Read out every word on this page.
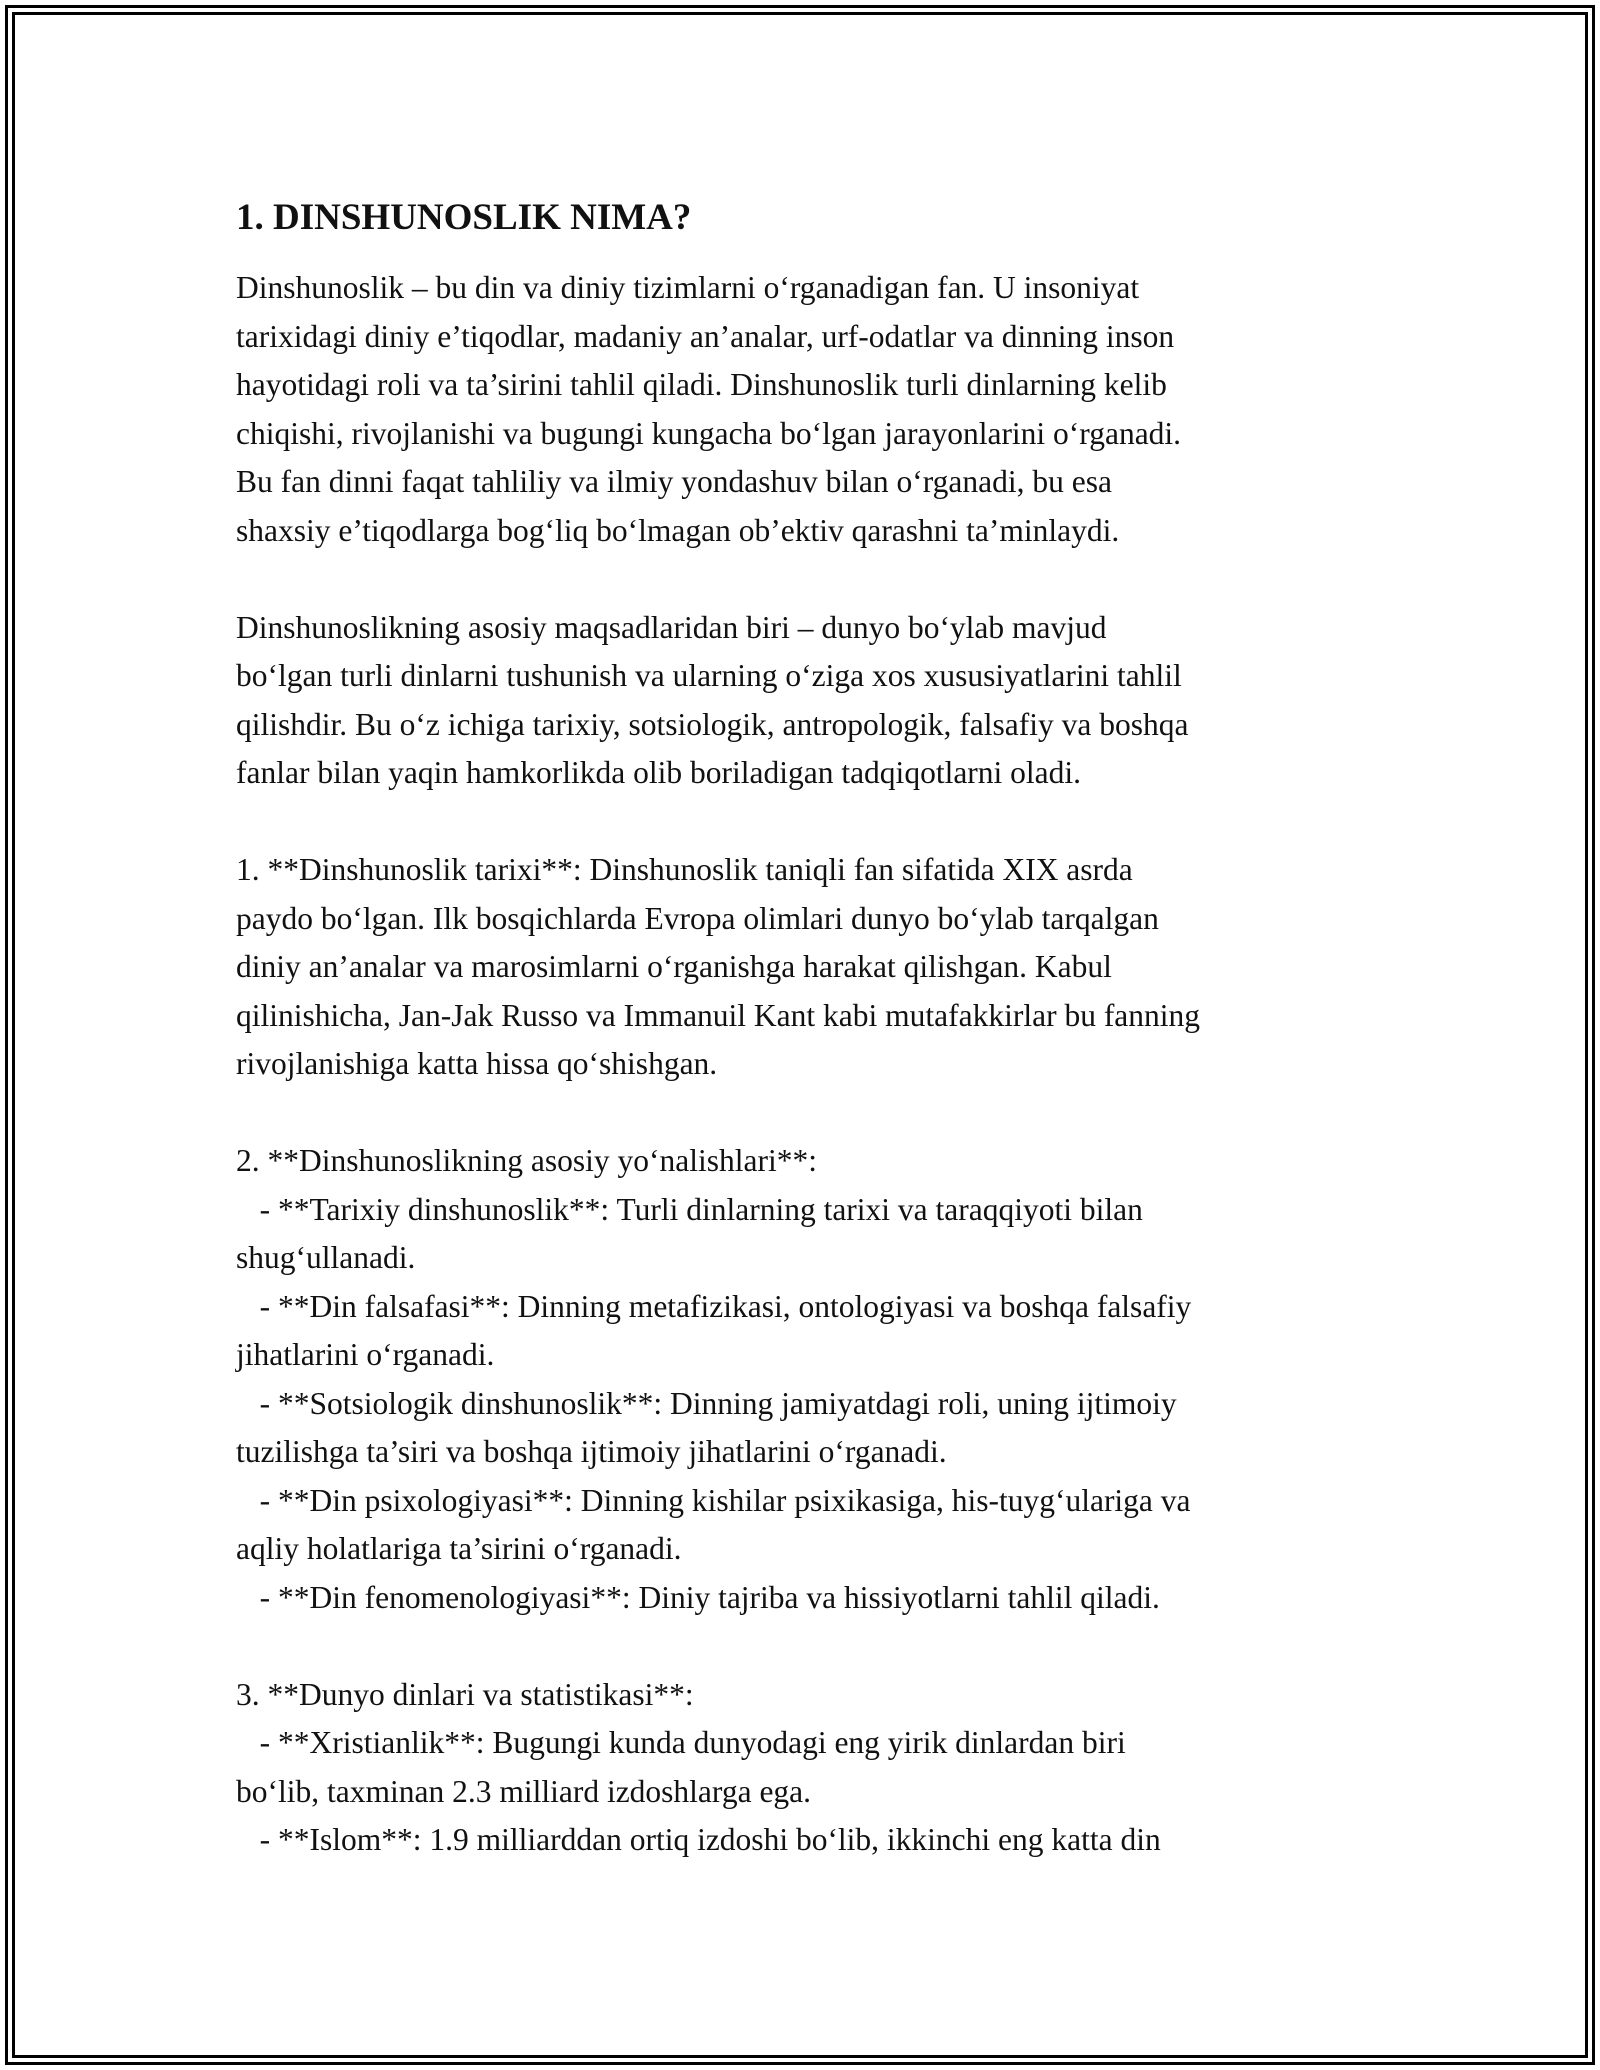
1. DINSHUNOSLIK NIMA?
Dinshunoslik – bu din va diniy tizimlarni o‘rganadigan fan. U insoniyat
tarixidagi diniy e’tiqodlar, madaniy an’analar, urf-odatlar va dinning inson
hayotidagi roli va ta’sirini tahlil qiladi. Dinshunoslik turli dinlarning kelib
chiqishi, rivojlanishi va bugungi kungacha bo‘lgan jarayonlarini o‘rganadi.
Bu fan dinni faqat tahliliy va ilmiy yondashuv bilan o‘rganadi, bu esa
shaxsiy e’tiqodlarga bog‘liq bo‘lmagan ob’ektiv qarashni ta’minlaydi.
Dinshunoslikning asosiy maqsadlaridan biri – dunyo bo‘ylab mavjud
bo‘lgan turli dinlarni tushunish va ularning o‘ziga xos xususiyatlarini tahlil
qilishdir. Bu o‘z ichiga tarixiy, sotsiologik, antropologik, falsafiy va boshqa
fanlar bilan yaqin hamkorlikda olib boriladigan tadqiqotlarni oladi.
1. **Dinshunoslik tarixi**: Dinshunoslik taniqli fan sifatida XIX asrda
paydo bo‘lgan. Ilk bosqichlarda Evropa olimlari dunyo bo‘ylab tarqalgan
diniy an’analar va marosimlarni o‘rganishga harakat qilishgan. Kabul
qilinishicha, Jan-Jak Russo va Immanuil Kant kabi mutafakkirlar bu fanning
rivojlanishiga katta hissa qo‘shishgan.
2. **Dinshunoslikning asosiy yo‘nalishlari**:
- **Tarixiy dinshunoslik**: Turli dinlarning tarixi va taraqqiyoti bilan
shug‘ullanadi.
- **Din falsafasi**: Dinning metafizikasi, ontologiyasi va boshqa falsafiy
jihatlarini o‘rganadi.
- **Sotsiologik dinshunoslik**: Dinning jamiyatdagi roli, uning ijtimoiy
tuzilishga ta’siri va boshqa ijtimoiy jihatlarini o‘rganadi.
- **Din psixologiyasi**: Dinning kishilar psixikasiga, his-tuyg‘ulariga va
aqliy holatlariga ta’sirini o‘rganadi.
- **Din fenomenologiyasi**: Diniy tajriba va hissiyotlarni tahlil qiladi.
3. **Dunyo dinlari va statistikasi**:
- **Xristianlik**: Bugungi kunda dunyodagi eng yirik dinlardan biri
bo‘lib, taxminan 2.3 milliard izdoshlarga ega.
- **Islom**: 1.9 milliarddan ortiq izdoshi bo‘lib, ikkinchi eng katta din
